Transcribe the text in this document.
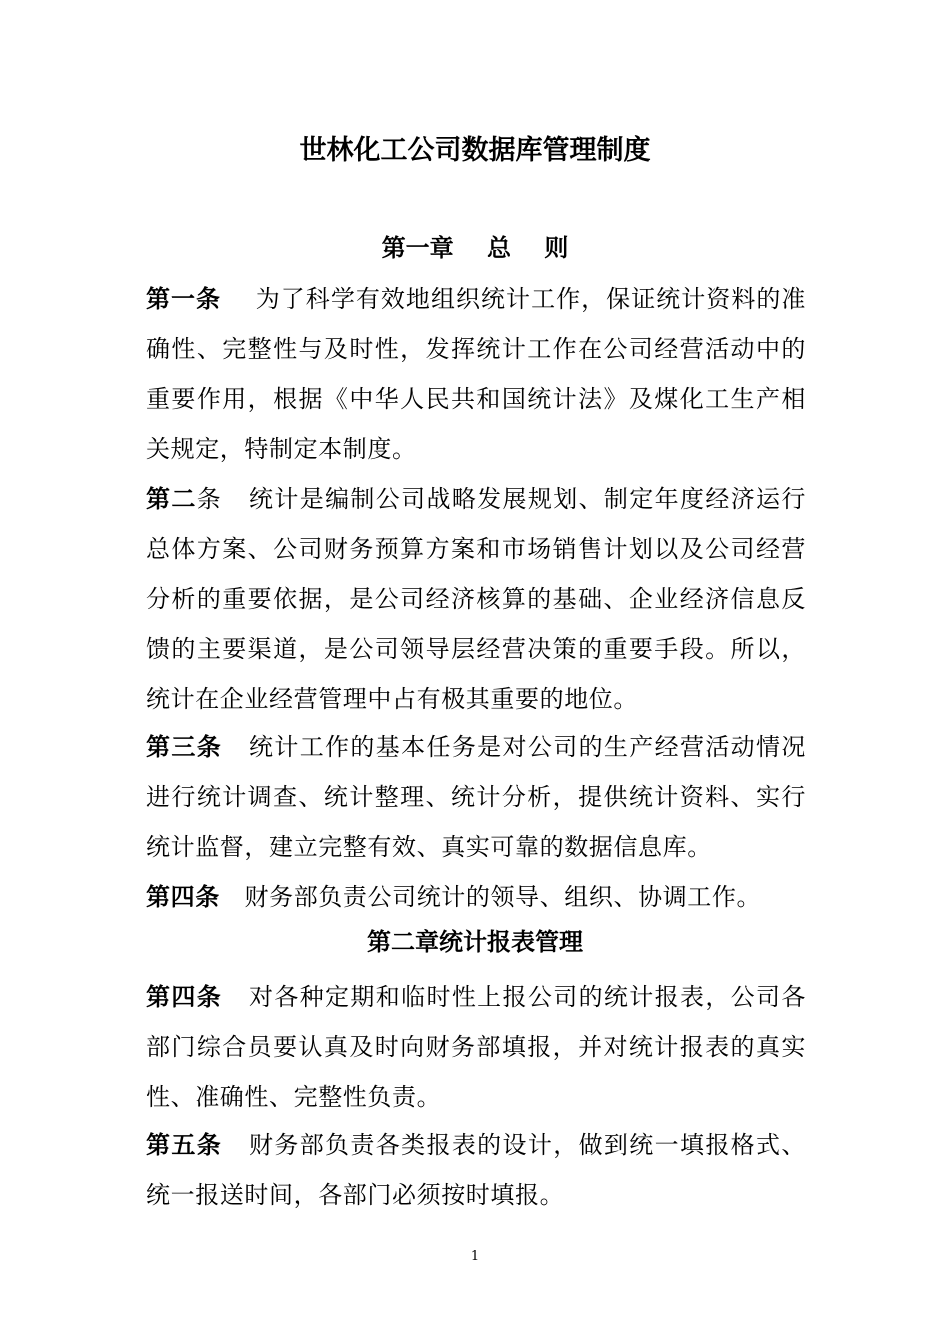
世林化工公司数据库管理制度
第一章    总    则
第一条    为了科学有效地组织统计工作，保证统计资料的准确性、完整性与及时性，发挥统计工作在公司经营活动中的重要作用，根据《中华人民共和国统计法》及煤化工生产相关规定，特制定本制度。
第二条   统计是编制公司战略发展规划、制定年度经济运行总体方案、公司财务预算方案和市场销售计划以及公司经营分析的重要依据，是公司经济核算的基础、企业经济信息反馈的主要渠道，是公司领导层经营决策的重要手段。所以，统计在企业经营管理中占有极其重要的地位。
第三条   统计工作的基本任务是对公司的生产经营活动情况进行统计调查、统计整理、统计分析，提供统计资料、实行统计监督，建立完整有效、真实可靠的数据信息库。
第四条   财务部负责公司统计的领导、组织、协调工作。
第二章统计报表管理
第四条   对各种定期和临时性上报公司的统计报表，公司各部门综合员要认真及时向财务部填报，并对统计报表的真实性、准确性、完整性负责。
第五条   财务部负责各类报表的设计，做到统一填报格式、统一报送时间，各部门必须按时填报。
1
